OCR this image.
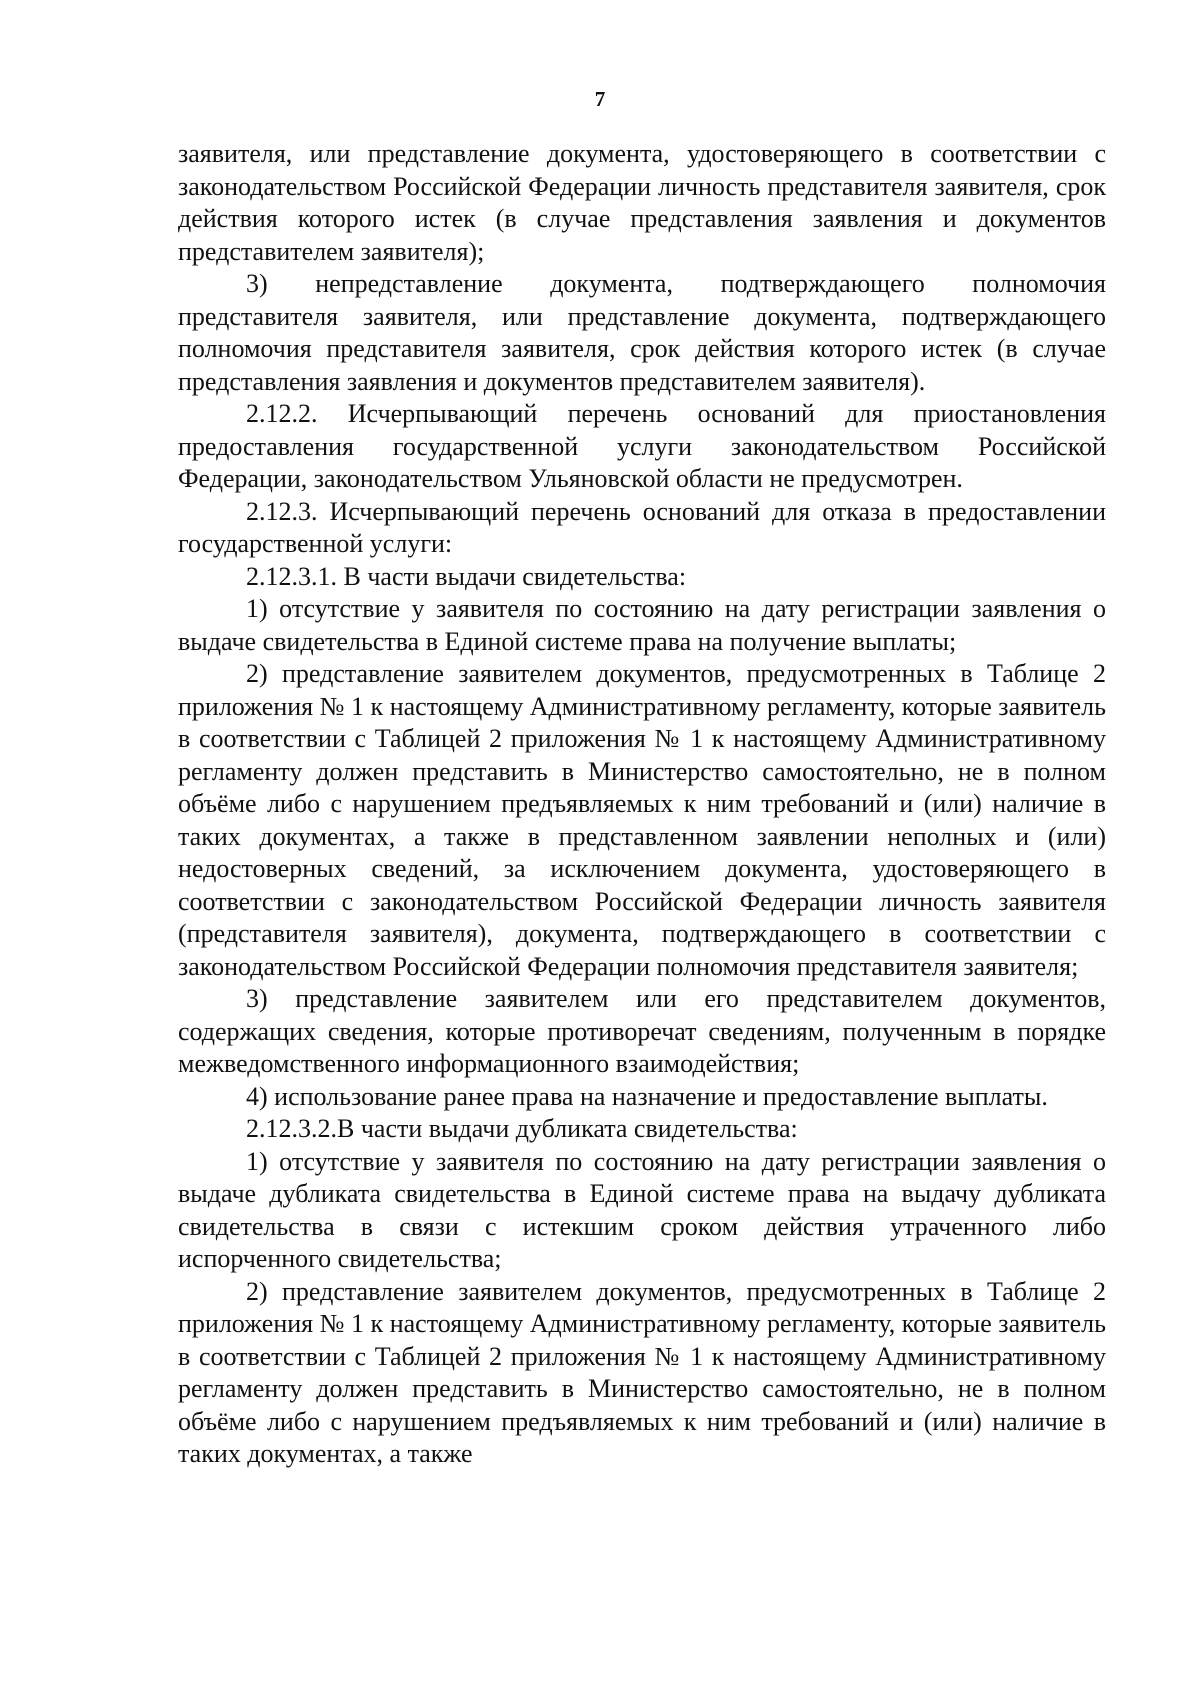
7

заявителя, или представление документа, удостоверяющего в соответствии с законодательством Российской Федерации личность представителя заявителя, срок действия которого истек (в случае представления заявления и документов представителем заявителя);

3) непредставление документа, подтверждающего полномочия представителя заявителя, или представление документа, подтверждающего полномочия представителя заявителя, срок действия которого истек (в случае представления заявления и документов представителем заявителя).

2.12.2. Исчерпывающий перечень оснований для приостановления предоставления государственной услуги законодательством Российской Федерации, законодательством Ульяновской области не предусмотрен.

2.12.3. Исчерпывающий перечень оснований для отказа в предоставлении государственной услуги:

2.12.3.1. В части выдачи свидетельства:

1) отсутствие у заявителя по состоянию на дату регистрации заявления о выдаче свидетельства в Единой системе права на получение выплаты;

2) представление заявителем документов, предусмотренных в Таблице 2 приложения № 1 к настоящему Административному регламенту, которые заявитель в соответствии с Таблицей 2 приложения № 1 к настоящему Административному регламенту должен представить в Министерство самостоятельно, не в полном объёме либо с нарушением предъявляемых к ним требований и (или) наличие в таких документах, а также в представленном заявлении неполных и (или) недостоверных сведений, за исключением документа, удостоверяющего в соответствии с законодательством Российской Федерации личность заявителя (представителя заявителя), документа, подтверждающего в соответствии с законодательством Российской Федерации полномочия представителя заявителя;

3) представление заявителем или его представителем документов, содержащих сведения, которые противоречат сведениям, полученным в порядке межведомственного информационного взаимодействия;

4) использование ранее права на назначение и предоставление выплаты.

2.12.3.2.В части выдачи дубликата свидетельства:

1) отсутствие у заявителя по состоянию на дату регистрации заявления о выдаче дубликата свидетельства в Единой системе права на выдачу дубликата свидетельства в связи с истекшим сроком действия утраченного либо испорченного свидетельства;

2) представление заявителем документов, предусмотренных в Таблице 2 приложения № 1 к настоящему Административному регламенту, которые заявитель в соответствии с Таблицей 2 приложения № 1 к настоящему Административному регламенту должен представить в Министерство самостоятельно, не в полном объёме либо с нарушением предъявляемых к ним требований и (или) наличие в таких документах, а также
